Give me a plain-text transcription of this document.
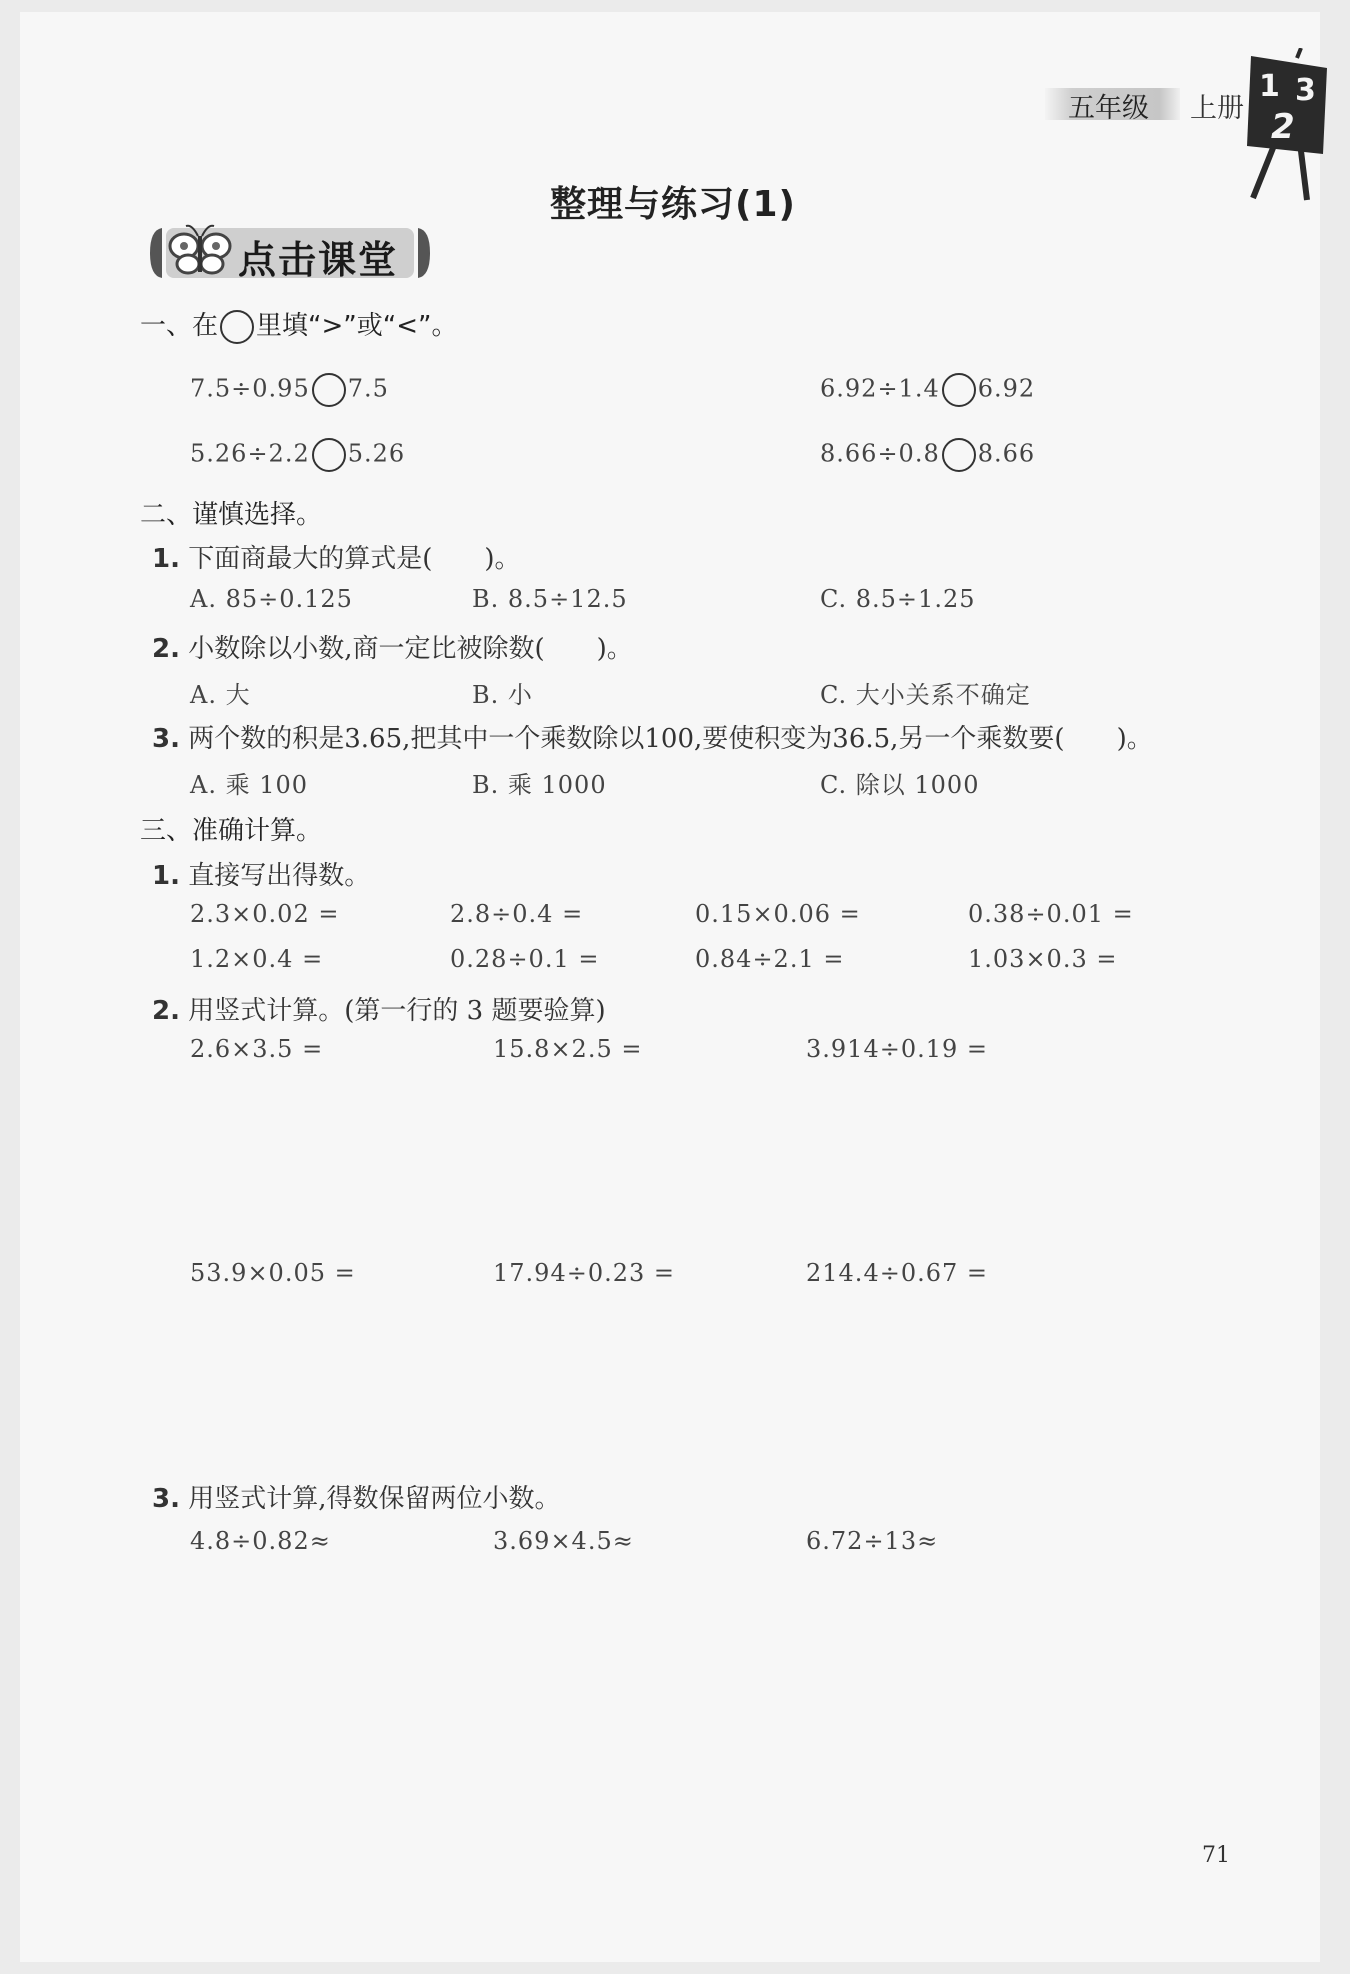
五年级 上册
1 3
2
整理与练习(1)
点击课堂
一、在 里填“>”或“<”。
7.5÷0.95 7.5	6.92÷1.4 6.92
5.26÷2.2 5.26	8.66÷0.8 8.66
二、谨慎选择。
1. 下面商最大的算式是(　　)。
A. 85÷0.125	B. 8.5÷12.5	C. 8.5÷1.25
2. 小数除以小数,商一定比被除数(　　)。
A. 大	B. 小	C. 大小关系不确定
3. 两个数的积是3.65,把其中一个乘数除以100,要使积变为36.5,另一个乘数要(　　)。
A. 乘 100	B. 乘 1000	C. 除以 1000
三、准确计算。
1. 直接写出得数。
2.3×0.02 =	2.8÷0.4 =	0.15×0.06 =	0.38÷0.01 =
1.2×0.4 =	0.28÷0.1 =	0.84÷2.1 =	1.03×0.3 =
2. 用竖式计算。(第一行的 3 题要验算)
2.6×3.5 =	15.8×2.5 =	3.914÷0.19 =
53.9×0.05 =	17.94÷0.23 =	214.4÷0.67 =
3. 用竖式计算,得数保留两位小数。
4.8÷0.82≈	3.69×4.5≈	6.72÷13≈
71
